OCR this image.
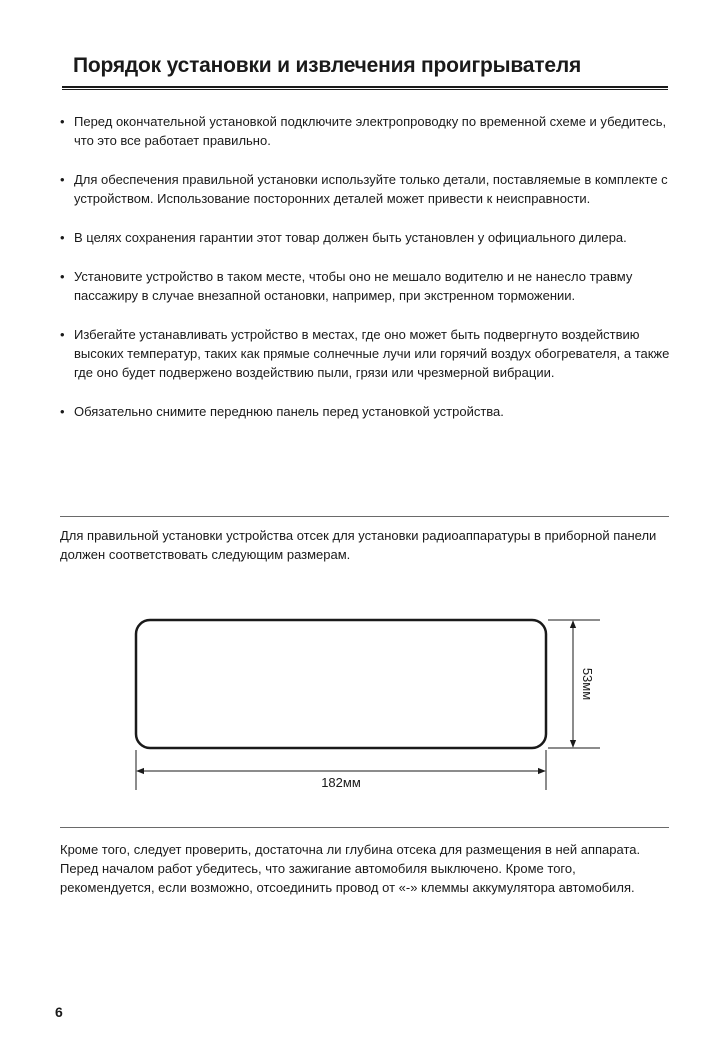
Порядок установки и извлечения проигрывателя
• Перед окончательной установкой подключите электропроводку по временной схеме и убедитесь, что это все работает правильно.
• Для обеспечения правильной установки используйте только детали, поставляемые в комплекте с устройством. Использование посторонних деталей может привести к неисправности.
• В целях сохранения гарантии этот товар должен быть установлен у официального дилера.
• Установите устройство в таком месте, чтобы оно не мешало водителю и не нанесло травму пассажиру в случае внезапной остановки, например, при экстренном торможении.
• Избегайте устанавливать устройство в местах, где оно может быть подвергнуто воздействию высоких температур, таких как прямые солнечные лучи или горячий воздух обогревателя, а также где оно будет подвержено воздействию пыли, грязи или чрезмерной вибрации.
• Обязательно снимите переднюю панель перед установкой устройства.

Для правильной установки устройства отсек для установки радиоаппаратуры в приборной панели должен соответствовать следующим размерам.

182мм
53мм

Кроме того, следует проверить, достаточна ли глубина отсека для размещения в ней аппарата. Перед началом работ убедитесь, что зажигание автомобиля выключено. Кроме того, рекомендуется, если возможно, отсоединить провод от «-» клеммы аккумулятора автомобиля.

6
